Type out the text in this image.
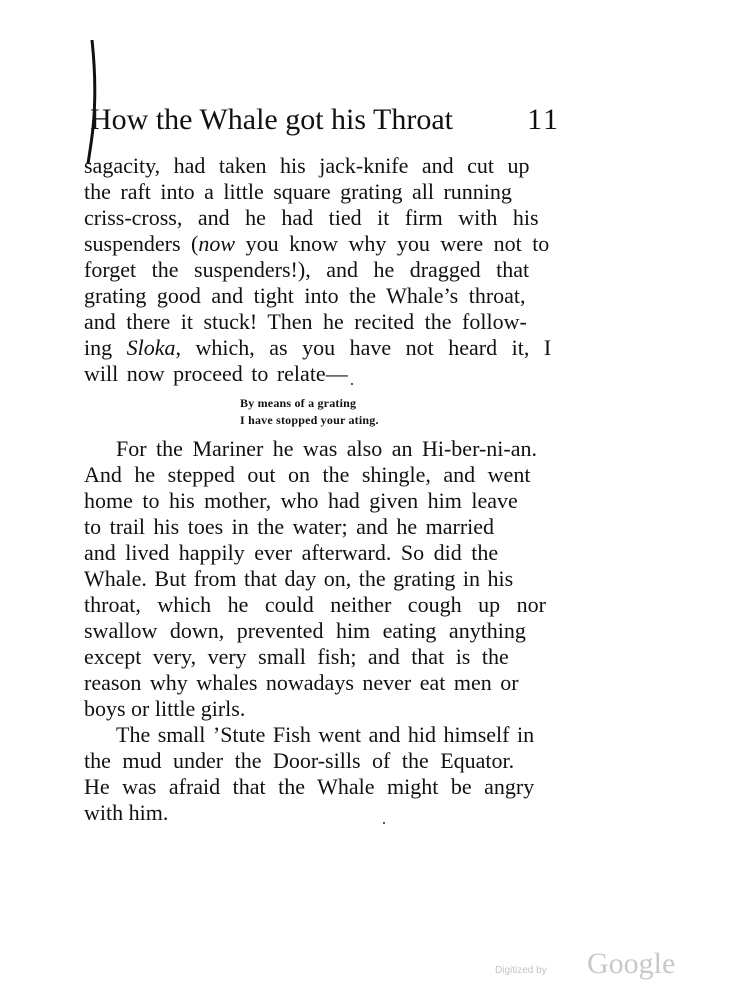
How the Whale got his Throat 11
sagacity, had taken his jack-knife and cut up
the raft into a little square grating all running
criss-cross, and he had tied it firm with his
suspenders (now you know why you were not to
forget the suspenders!), and he dragged that
grating good and tight into the Whale’s throat,
and there it stuck! Then he recited the follow-
ing Sloka, which, as you have not heard it, I
will now proceed to relate—
By means of a grating
I have stopped your ating.
For the Mariner he was also an Hi-ber-ni-an.
And he stepped out on the shingle, and went
home to his mother, who had given him leave
to trail his toes in the water; and he married
and lived happily ever afterward. So did the
Whale. But from that day on, the grating in his
throat, which he could neither cough up nor
swallow down, prevented him eating anything
except very, very small fish; and that is the
reason why whales nowadays never eat men or
boys or little girls.
The small ’Stute Fish went and hid himself in
the mud under the Door-sills of the Equator.
He was afraid that the Whale might be angry
with him.
Digitized by Google
